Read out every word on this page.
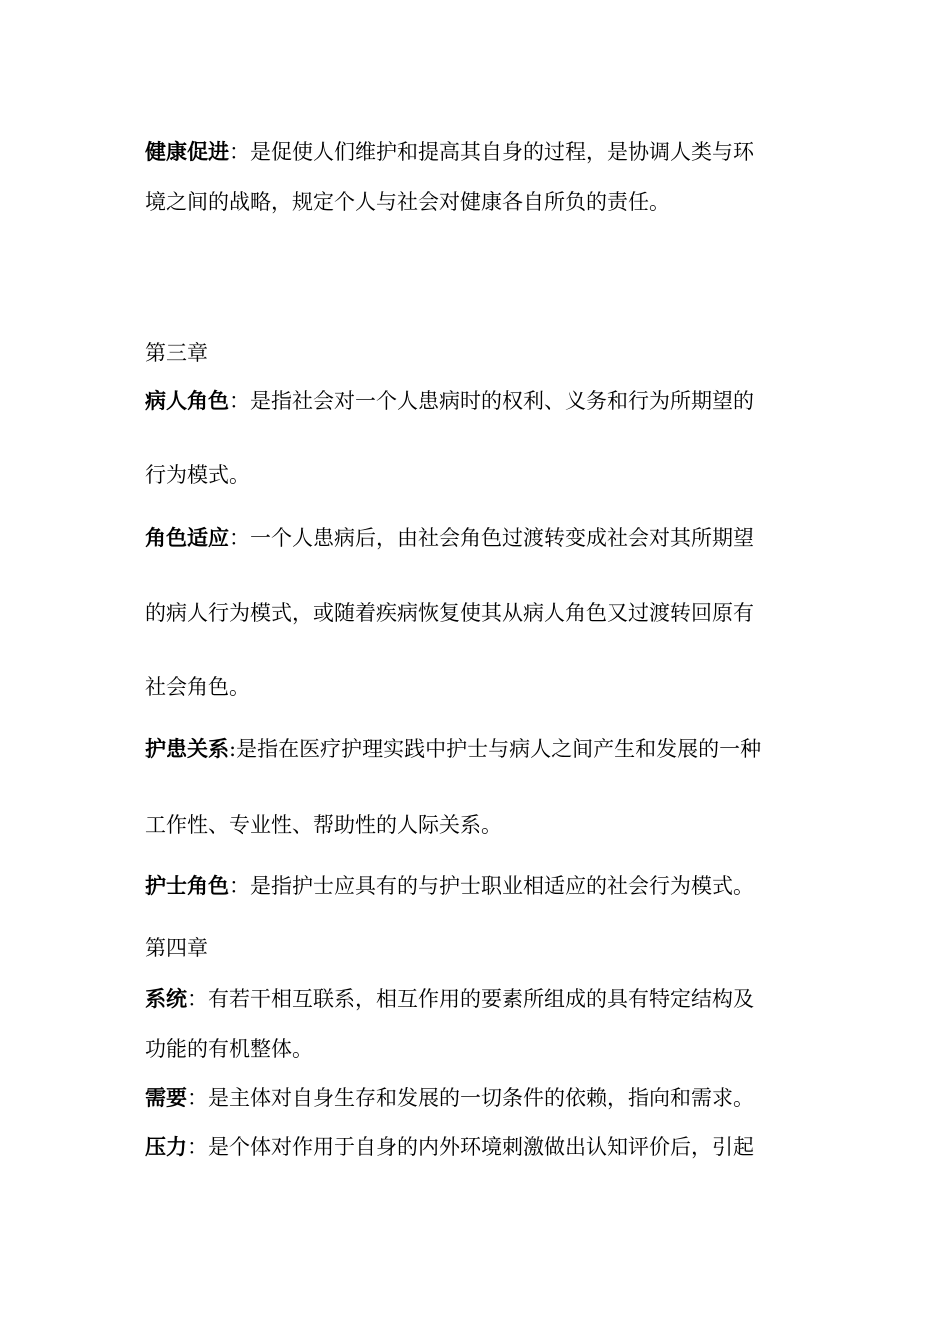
健康促进：是促使人们维护和提高其自身的过程，是协调人类与环
境之间的战略，规定个人与社会对健康各自所负的责任。
第三章
病人角色：是指社会对一个人患病时的权利、义务和行为所期望的
行为模式。
角色适应：一个人患病后，由社会角色过渡转变成社会对其所期望
的病人行为模式，或随着疾病恢复使其从病人角色又过渡转回原有
社会角色。
护患关系:是指在医疗护理实践中护士与病人之间产生和发展的一种
工作性、专业性、帮助性的人际关系。
护士角色：是指护士应具有的与护士职业相适应的社会行为模式。
第四章
系统：有若干相互联系，相互作用的要素所组成的具有特定结构及
功能的有机整体。
需要：是主体对自身生存和发展的一切条件的依赖，指向和需求。
压力：是个体对作用于自身的内外环境刺激做出认知评价后，引起
